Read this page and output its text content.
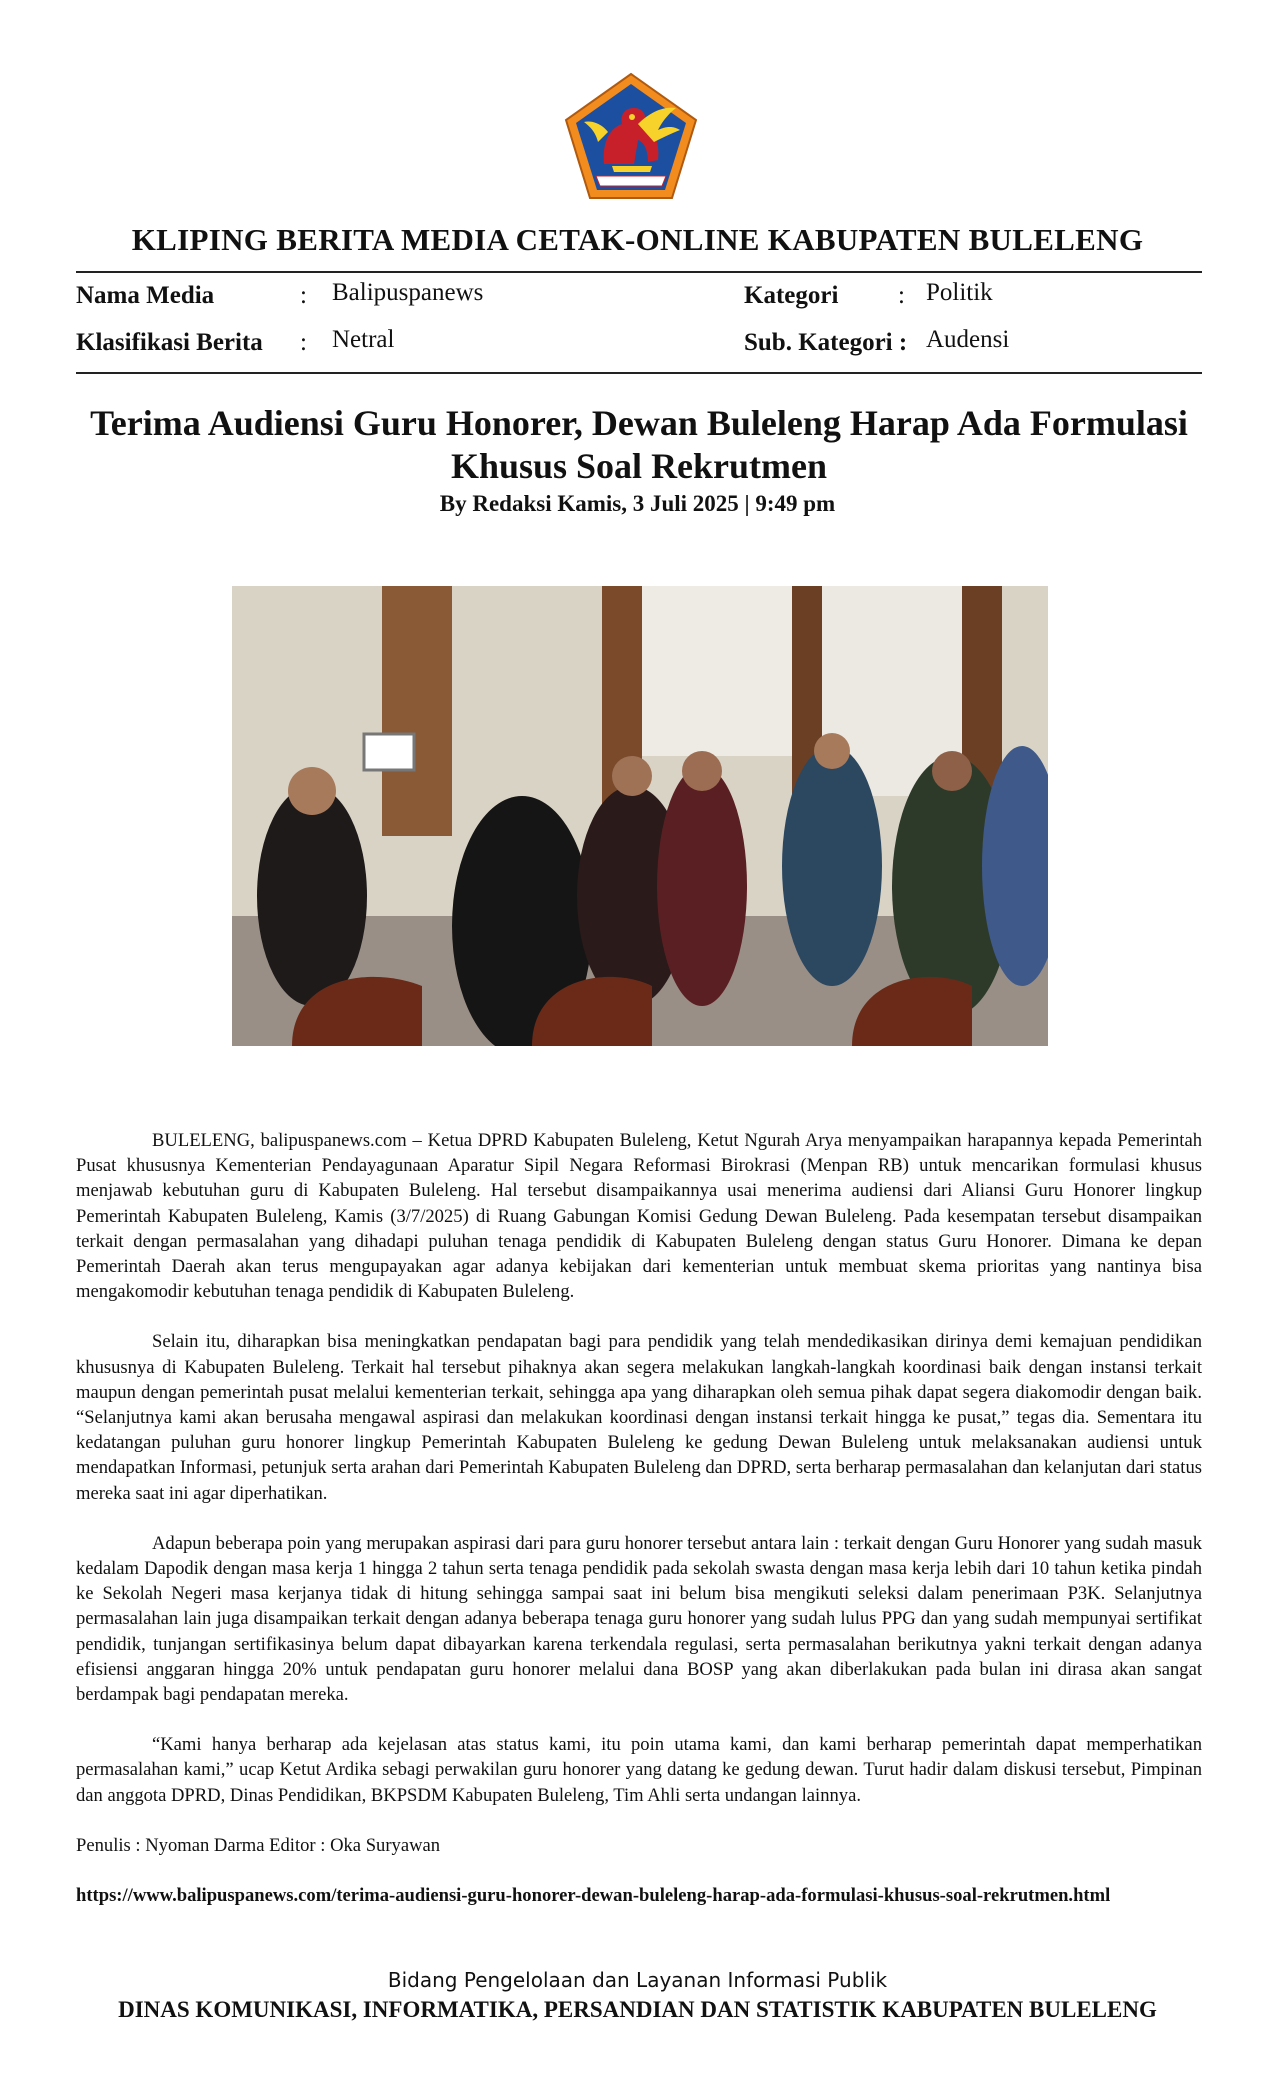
KLIPING BERITA MEDIA CETAK-ONLINE KABUPATEN BULELENG
Nama Media	: Balipuspanews	Kategori : Politik
Klasifikasi Berita : Netral	Sub. Kategori : Audensi
Terima Audiensi Guru Honorer, Dewan Buleleng Harap Ada Formulasi Khusus Soal Rekrutmen
By Redaksi Kamis, 3 Juli 2025 | 9:49 pm

BULELENG, balipuspanews.com – Ketua DPRD Kabupaten Buleleng, Ketut Ngurah Arya menyampaikan harapannya kepada Pemerintah Pusat khususnya Kementerian Pendayagunaan Aparatur Sipil Negara Reformasi Birokrasi (Menpan RB) untuk mencarikan formulasi khusus menjawab kebutuhan guru di Kabupaten Buleleng. Hal tersebut disampaikannya usai menerima audiensi dari Aliansi Guru Honorer lingkup Pemerintah Kabupaten Buleleng, Kamis (3/7/2025) di Ruang Gabungan Komisi Gedung Dewan Buleleng. Pada kesempatan tersebut disampaikan terkait dengan permasalahan yang dihadapi puluhan tenaga pendidik di Kabupaten Buleleng dengan status Guru Honorer. Dimana ke depan Pemerintah Daerah akan terus mengupayakan agar adanya kebijakan dari kementerian untuk membuat skema prioritas yang nantinya bisa mengakomodir kebutuhan tenaga pendidik di Kabupaten Buleleng.

Selain itu, diharapkan bisa meningkatkan pendapatan bagi para pendidik yang telah mendedikasikan dirinya demi kemajuan pendidikan khususnya di Kabupaten Buleleng. Terkait hal tersebut pihaknya akan segera melakukan langkah-langkah koordinasi baik dengan instansi terkait maupun dengan pemerintah pusat melalui kementerian terkait, sehingga apa yang diharapkan oleh semua pihak dapat segera diakomodir dengan baik. “Selanjutnya kami akan berusaha mengawal aspirasi dan melakukan koordinasi dengan instansi terkait hingga ke pusat,” tegas dia. Sementara itu kedatangan puluhan guru honorer lingkup Pemerintah Kabupaten Buleleng ke gedung Dewan Buleleng untuk melaksanakan audiensi untuk mendapatkan Informasi, petunjuk serta arahan dari Pemerintah Kabupaten Buleleng dan DPRD, serta berharap permasalahan dan kelanjutan dari status mereka saat ini agar diperhatikan.

Adapun beberapa poin yang merupakan aspirasi dari para guru honorer tersebut antara lain : terkait dengan Guru Honorer yang sudah masuk kedalam Dapodik dengan masa kerja 1 hingga 2 tahun serta tenaga pendidik pada sekolah swasta dengan masa kerja lebih dari 10 tahun ketika pindah ke Sekolah Negeri masa kerjanya tidak di hitung sehingga sampai saat ini belum bisa mengikuti seleksi dalam penerimaan P3K. Selanjutnya permasalahan lain juga disampaikan terkait dengan adanya beberapa tenaga guru honorer yang sudah lulus PPG dan yang sudah mempunyai sertifikat pendidik, tunjangan sertifikasinya belum dapat dibayarkan karena terkendala regulasi, serta permasalahan berikutnya yakni terkait dengan adanya efisiensi anggaran hingga 20% untuk pendapatan guru honorer melalui dana BOSP yang akan diberlakukan pada bulan ini dirasa akan sangat berdampak bagi pendapatan mereka.

“Kami hanya berharap ada kejelasan atas status kami, itu poin utama kami, dan kami berharap pemerintah dapat memperhatikan permasalahan kami,” ucap Ketut Ardika sebagi perwakilan guru honorer yang datang ke gedung dewan. Turut hadir dalam diskusi tersebut, Pimpinan dan anggota DPRD, Dinas Pendidikan, BKPSDM Kabupaten Buleleng, Tim Ahli serta undangan lainnya.

Penulis : Nyoman Darma Editor : Oka Suryawan
https://www.balipuspanews.com/terima-audiensi-guru-honorer-dewan-buleleng-harap-ada-formulasi-khusus-soal-rekrutmen.html
Bidang Pengelolaan dan Layanan Informasi Publik
DINAS KOMUNIKASI, INFORMATIKA, PERSANDIAN DAN STATISTIK KABUPATEN BULELENG
